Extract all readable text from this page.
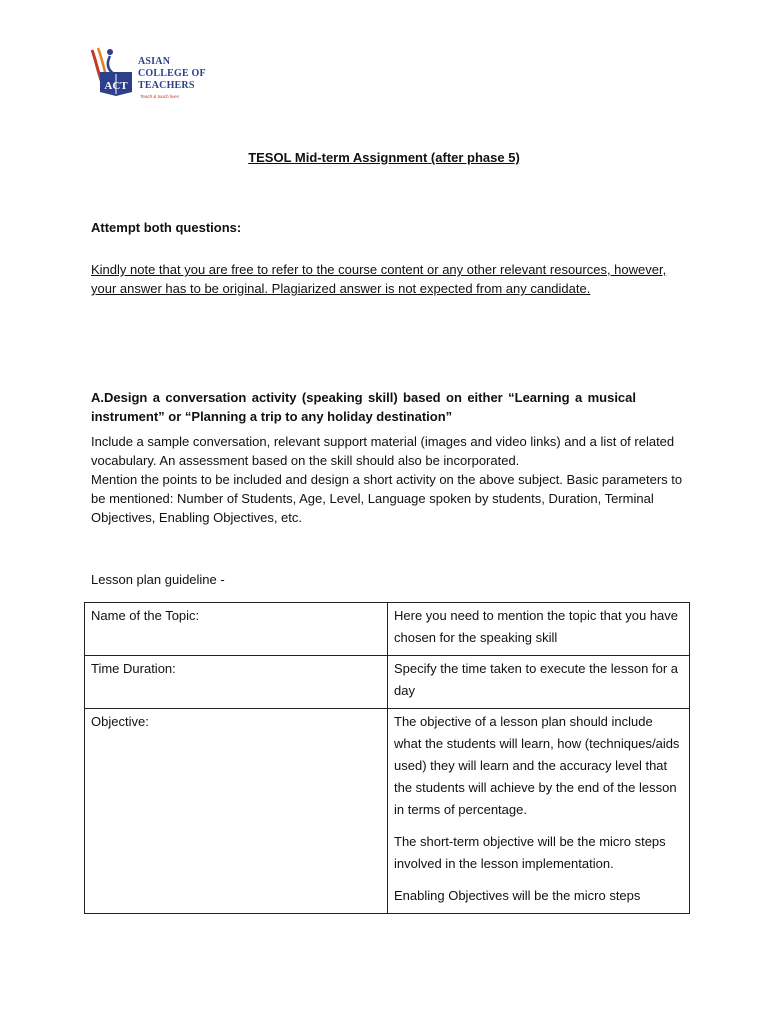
ACT
ASIAN
COLLEGE OF
TEACHERS
Teach & touch lives
TESOL Mid-term Assignment (after phase 5)
Attempt both questions:
Kindly note that you are free to refer to the course content or any other relevant resources, however, your answer has to be original. Plagiarized answer is not expected from any candidate.
A.Design a conversation activity (speaking skill) based on either “Learning a musical instrument” or “Planning a trip to any holiday destination”

Include a sample conversation, relevant support material (images and video links) and a list of related vocabulary. An assessment based on the skill should also be incorporated.

Mention the points to be included and design a short activity on the above subject. Basic parameters to be mentioned: Number of Students, Age, Level, Language spoken by students, Duration, Terminal Objectives, Enabling Objectives, etc.

Lesson plan guideline -
Name of the Topic:	Here you need to mention the topic that you have chosen for the speaking skill

Time Duration:	Specify the time taken to execute the lesson for a day

Objective:	The objective of a lesson plan should include what the students will learn, how (techniques/aids used) they will learn and the accuracy level that the students will achieve by the end of the lesson in terms of percentage.

The short-term objective will be the micro steps involved in the lesson implementation.

Enabling Objectives will be the micro steps
